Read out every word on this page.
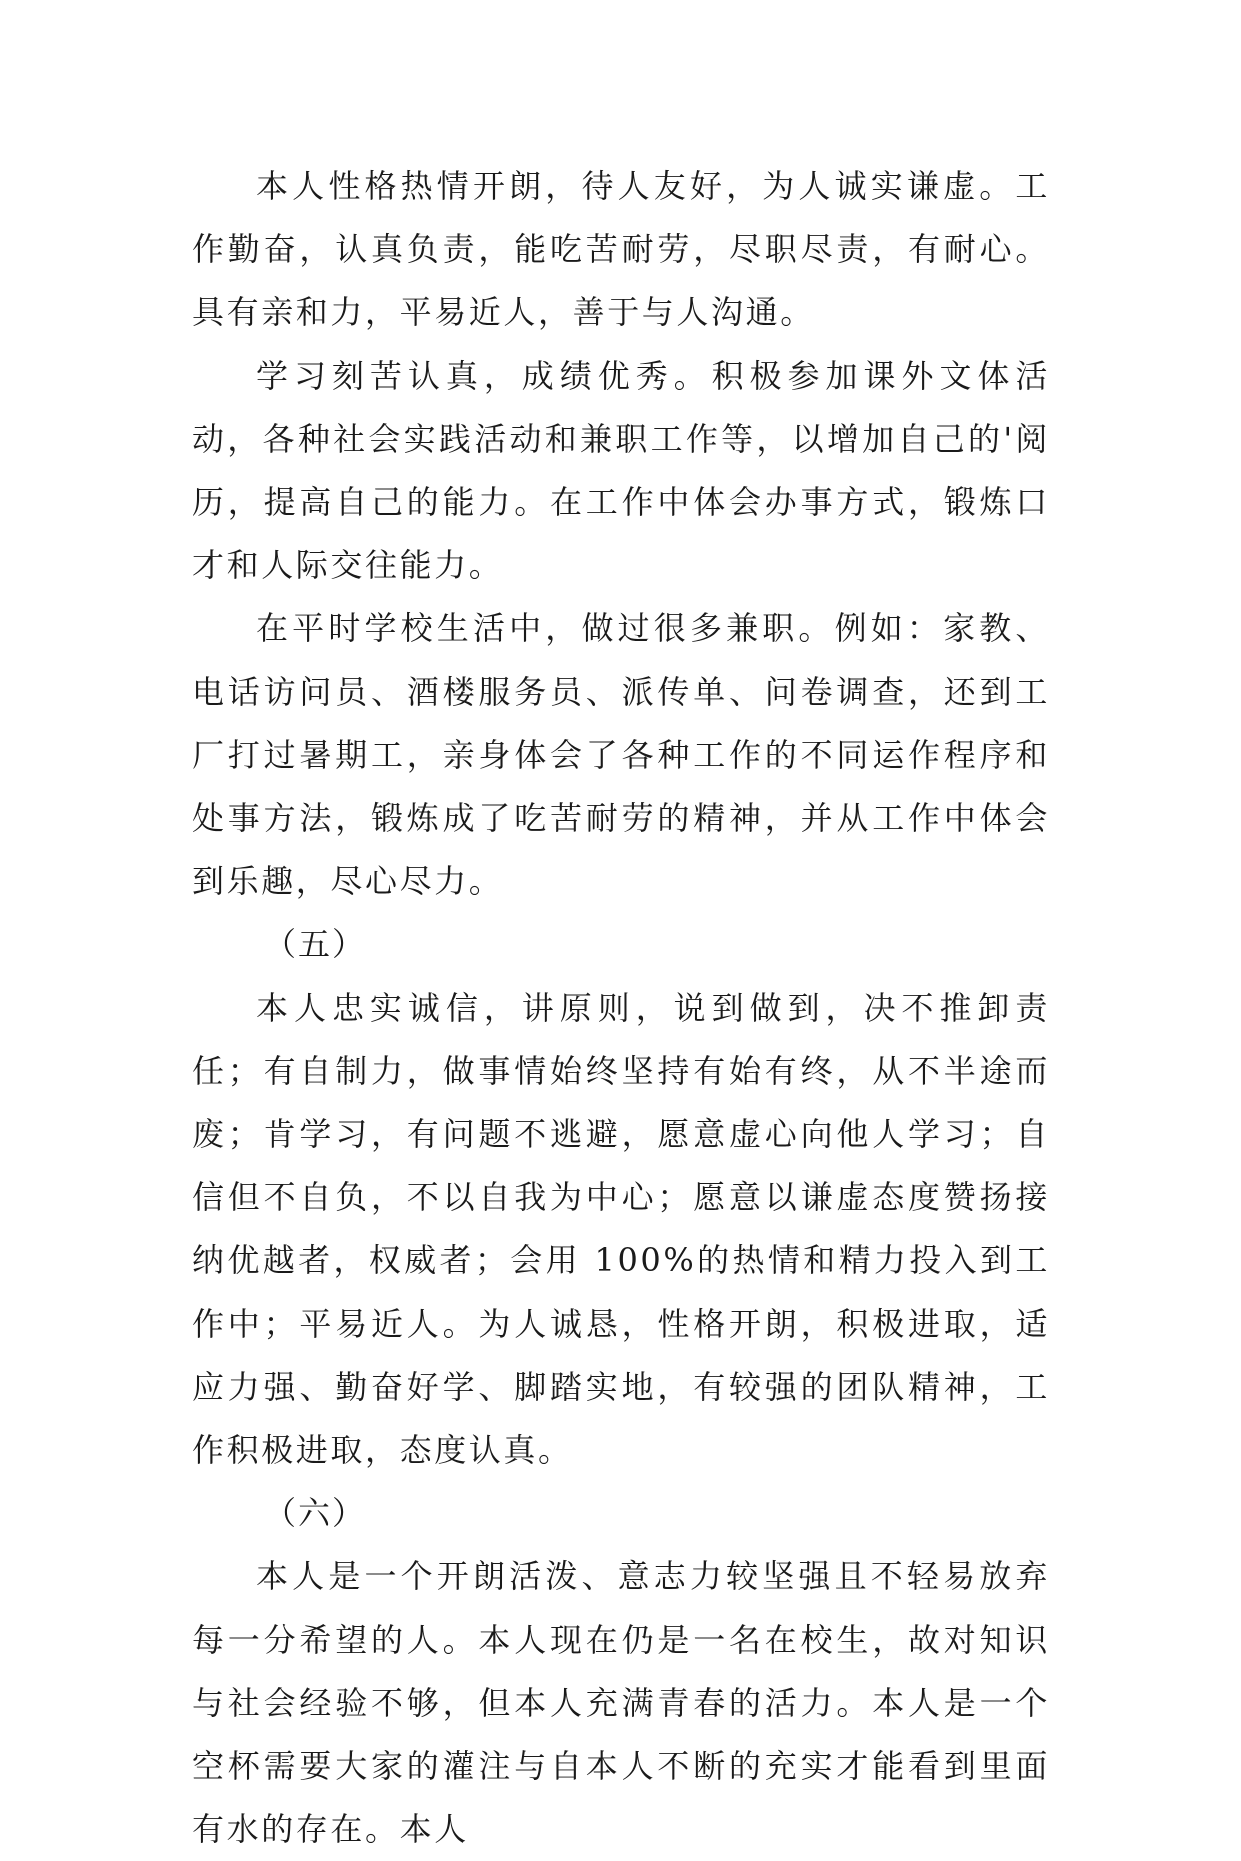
本人性格热情开朗，待人友好，为人诚实谦虚。工作勤奋，认真负责，能吃苦耐劳，尽职尽责，有耐心。具有亲和力，平易近人，善于与人沟通。

学习刻苦认真，成绩优秀。积极参加课外文体活动，各种社会实践活动和兼职工作等，以增加自己的'阅历，提高自己的能力。在工作中体会办事方式，锻炼口才和人际交往能力。

在平时学校生活中，做过很多兼职。例如：家教、电话访问员、酒楼服务员、派传单、问卷调查，还到工厂打过暑期工，亲身体会了各种工作的不同运作程序和处事方法，锻炼成了吃苦耐劳的精神，并从工作中体会到乐趣，尽心尽力。

（五）

本人忠实诚信，讲原则，说到做到，决不推卸责任；有自制力，做事情始终坚持有始有终，从不半途而废；肯学习，有问题不逃避，愿意虚心向他人学习；自信但不自负，不以自我为中心；愿意以谦虚态度赞扬接纳优越者，权威者；会用 100%的热情和精力投入到工作中；平易近人。为人诚恳，性格开朗，积极进取，适应力强、勤奋好学、脚踏实地，有较强的团队精神，工作积极进取，态度认真。

（六）

本人是一个开朗活泼、意志力较坚强且不轻易放弃每一分希望的人。本人现在仍是一名在校生，故对知识与社会经验不够，但本人充满青春的活力。本人是一个空杯需要大家的灌注与自本人不断的充实才能看到里面有水的存在。本人
